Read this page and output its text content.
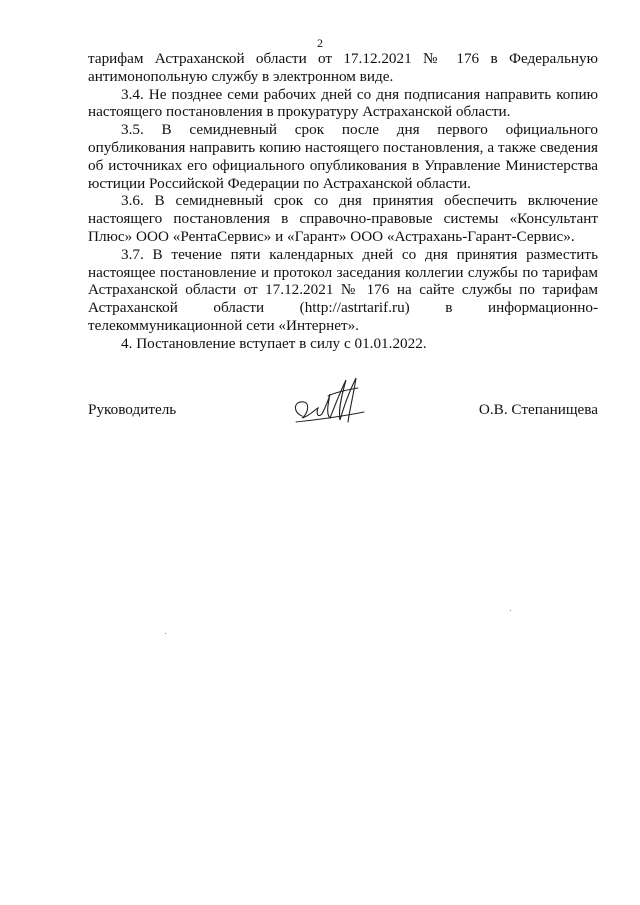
2

тарифам Астраханской области от 17.12.2021 № 176 в Федеральную антимонопольную службу в электронном виде.

3.4. Не позднее семи рабочих дней со дня подписания направить копию настоящего постановления в прокуратуру Астраханской области.

3.5. В семидневный срок после дня первого официального опубликования направить копию настоящего постановления, а также сведения об источниках его официального опубликования в Управление Министерства юстиции Российской Федерации по Астраханской области.

3.6. В семидневный срок со дня принятия обеспечить включение настоящего постановления в справочно-правовые системы «Консультант Плюс» ООО «РентаСервис» и «Гарант» ООО «Астрахань-Гарант-Сервис».

3.7. В течение пяти календарных дней со дня принятия разместить настоящее постановление и протокол заседания коллегии службы по тарифам Астраханской области от 17.12.2021 № 176 на сайте службы по тарифам Астраханской области (http://astrtarif.ru) в информационно-телекоммуникационной сети «Интернет».

4. Постановление вступает в силу с 01.01.2022.

Руководитель	О.В. Степанищева
